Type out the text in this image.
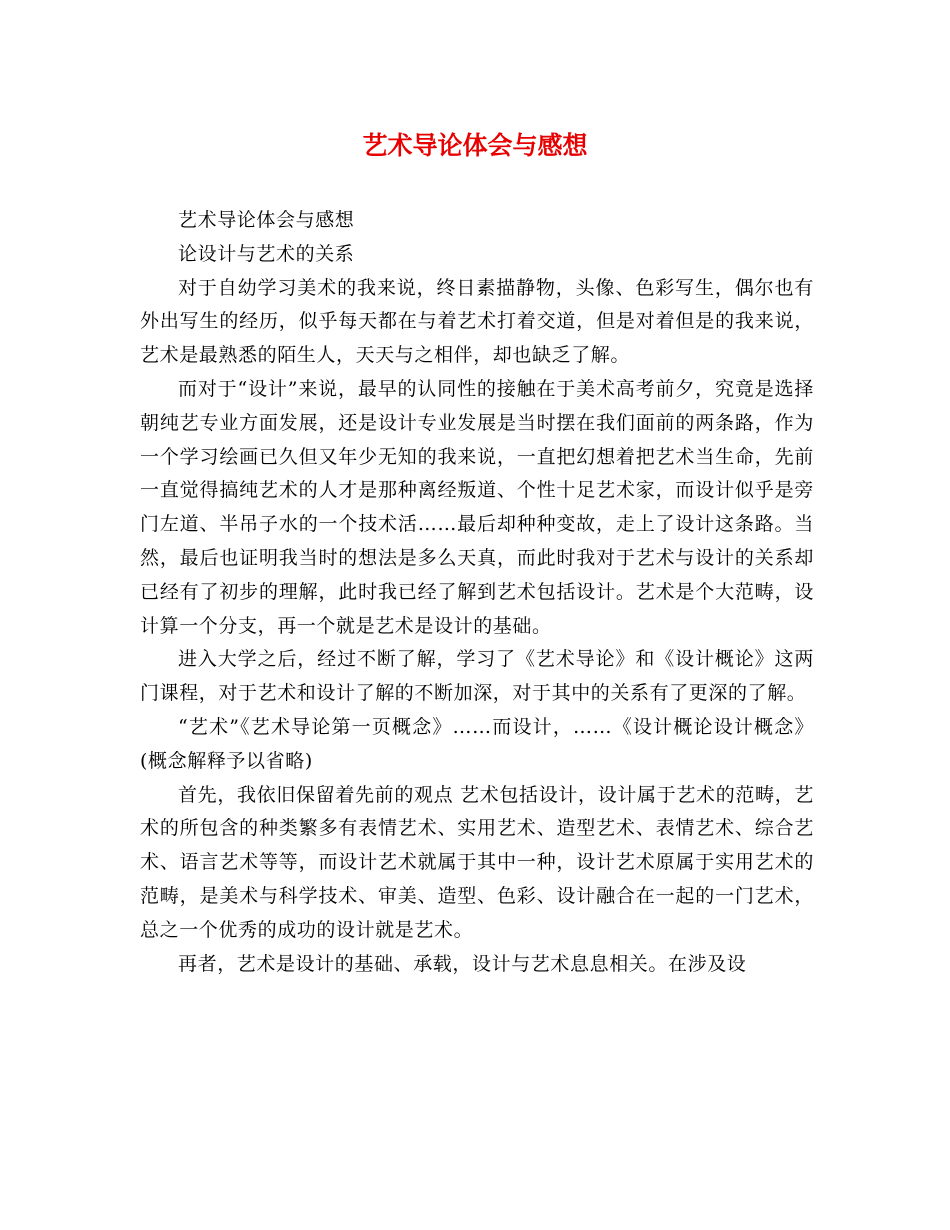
艺术导论体会与感想

艺术导论体会与感想

论设计与艺术的关系

对于自幼学习美术的我来说，终日素描静物，头像、色彩写生，偶尔也有外出写生的经历，似乎每天都在与着艺术打着交道，但是对着但是的我来说，艺术是最熟悉的陌生人，天天与之相伴，却也缺乏了解。

而对于“设计”来说，最早的认同性的接触在于美术高考前夕，究竟是选择朝纯艺专业方面发展，还是设计专业发展是当时摆在我们面前的两条路，作为一个学习绘画已久但又年少无知的我来说，一直把幻想着把艺术当生命，先前一直觉得搞纯艺术的人才是那种离经叛道、个性十足艺术家，而设计似乎是旁门左道、半吊子水的一个技术活……最后却种种变故，走上了设计这条路。当然，最后也证明我当时的想法是多么天真，而此时我对于艺术与设计的关系却已经有了初步的理解，此时我已经了解到艺术包括设计。艺术是个大范畴，设计算一个分支，再一个就是艺术是设计的基础。

进入大学之后，经过不断了解，学习了《艺术导论》和《设计概论》这两门课程，对于艺术和设计了解的不断加深，对于其中的关系有了更深的了解。

“艺术”《艺术导论第一页概念》……而设计，……《设计概论设计概念》(概念解释予以省略)

首先，我依旧保留着先前的观点 艺术包括设计，设计属于艺术的范畴，艺术的所包含的种类繁多有表情艺术、实用艺术、造型艺术、表情艺术、综合艺术、语言艺术等等，而设计艺术就属于其中一种，设计艺术原属于实用艺术的范畴，是美术与科学技术、审美、造型、色彩、设计融合在一起的一门艺术，总之一个优秀的成功的设计就是艺术。

再者，艺术是设计的基础、承载，设计与艺术息息相关。在涉及设
